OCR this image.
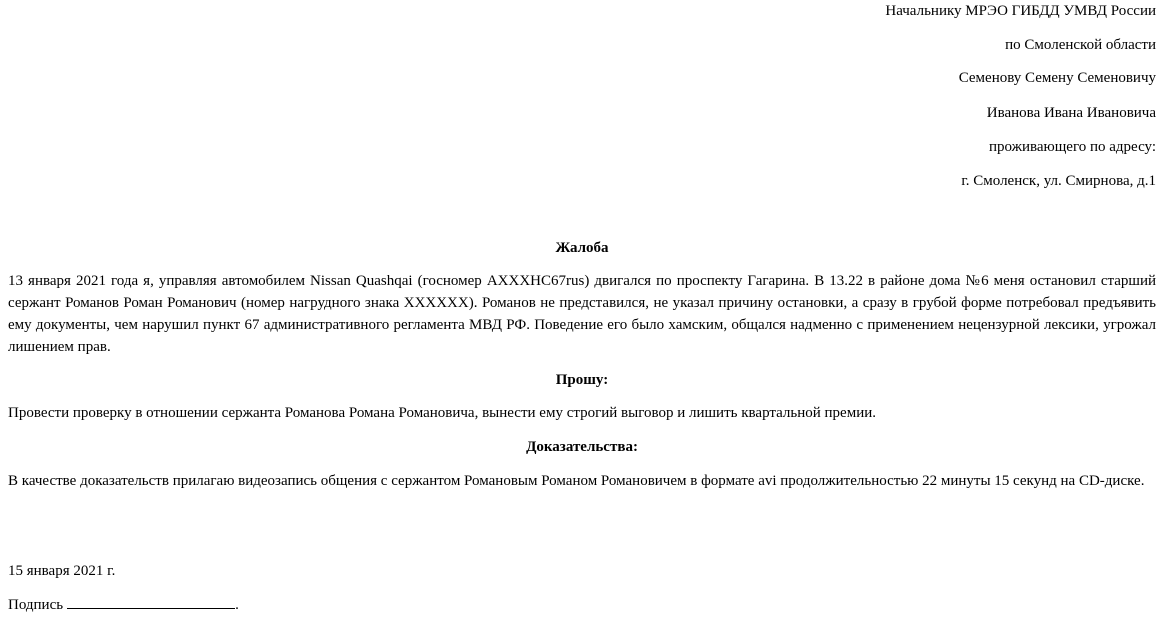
Начальнику МРЭО ГИБДД УМВД России
по Смоленской области
Семенову Семену Семеновичу
Иванова Ивана Ивановича
проживающего по адресу:
г. Смоленск, ул. Смирнова, д.1
Жалоба
13 января 2021 года я, управляя автомобилем Nissan Quashqai (госномер АХХХНС67rus) двигался по проспекту Гагарина. В 13.22 в районе дома №6 меня остановил старший сержант Романов Роман Романович (номер нагрудного знака ХХХХХХ). Романов не представился, не указал причину остановки, а сразу в грубой форме потребовал предъявить ему документы, чем нарушил пункт 67 административного регламента МВД РФ. Поведение его было хамским, общался надменно с применением нецензурной лексики, угрожал лишением прав.
Прошу:
Провести проверку в отношении сержанта Романова Романа Романовича, вынести ему строгий выговор и лишить квартальной премии.
Доказательства:
В качестве доказательств прилагаю видеозапись общения с сержантом Романовым Романом Романовичем в формате avi продолжительностью 22 минуты 15 секунд на CD-диске.
15 января 2021 г.
Подпись	.
